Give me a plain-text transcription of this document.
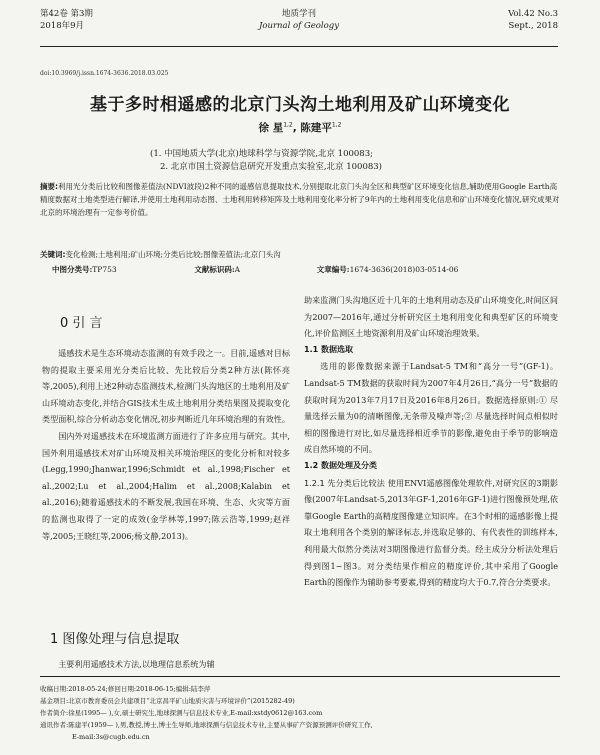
第42卷 第3期
2018年9月
地质学刊
Journal of Geology
Vol.42 No.3
Sept., 2018
doi:10.3969/j.issn.1674-3636.2018.03.025
基于多时相遥感的北京门头沟土地利用及矿山环境变化
徐 星$^{1,2}$, 陈建平$^{1,2}$
(1. 中国地质大学(北京)地球科学与资源学院,北京 100083;
2. 北京市国土资源信息研究开发重点实验室,北京 100083)
摘要:利用光分类后比较和图像差值法(NDVI波段)2种不同的遥感信息提取技术,分别提取北京门头沟全区和典型矿区环境变化信息,辅助使用Google Earth高精度数据对土地类型进行解译,并使用土地利用动态图、土地利用转移矩阵及土地利用变化率分析了9年内的土地利用变化信息和矿山环境变化情况,研究成果对北京的环境治理有一定参考价值。
关键词:变化检测;土地利用;矿山环境;分类后比较;图像差值法;北京门头沟
中图分类号:TP753	文献标识码:A	文章编号:1674-3636(2018)03-0514-06
0 引 言

遥感技术是生态环境动态监测的有效手段之一。目前,遥感对目标物的提取主要采用光分类后比较、先比较后分类2种方法(陈怀亮等,2005),利用上述2种动态监测技术,检测门头沟地区的土地利用及矿山环境动态变化,并结合GIS技术生成土地利用分类结果图及提取变化类型面积,综合分析动态变化情况,初步判断近几年环境治理的有效性。

国内外对遥感技术在环境监测方面进行了许多应用与研究。其中,国外利用遥感技术对矿山环境及相关环境治理区的变化分析和对较多(Legg,1990;Jhanwar,1996;Schmidt et al.,1998;Fischer et al.,2002;Lu et al.,2004;Halim et al.,2008;Kalabin et al.,2016);随着遥感技术的不断发展,我国在环境、生态、火灾等方面的监测也取得了一定的成效(金学林等,1997;陈云浩等,1999;赵祥等,2005;王晓红等,2006;杨文静,2013)。

1 图像处理与信息提取

主要利用遥感技术方法,以地理信息系统为辅

助来监测门头沟地区近十几年的土地利用动态及矿山环境变化,时间区间为2007—2016年,通过分析研究区土地利用变化和典型矿区的环境变化,评价监测区土地资源利用及矿山环境治理效果。

1.1 数据选取

选用的影像数据来源于Landsat-5 TM和“高分一号”(GF-1)。Landsat-5 TM数据的获取时间为2007年4月26日,“高分一号”数据的获取时间为2013年7月17日及2016年8月26日。数据选择原则:① 尽量选择云量为0的清晰图像,无条带及噪声等;② 尽量选择时间点相似时相的图像进行对比,如尽量选择相近季节的影像,避免由于季节的影响造成自然环境的不同。

1.2 数据处理及分类

1.2.1 先分类后比较法 使用ENVI遥感图像处理软件,对研究区的3期影像(2007年Landsat-5,2013年GF-1,2016年GF-1)进行图像预处理,依靠Google Earth的高精度图像建立知识库。在3个时相的遥感影像上提取土地利用各个类别的解译标志,并选取足够的、有代表性的训练样本,利用最大似然分类法对3期图像进行监督分类。经主成分分析法处理后得到图1~图3。对分类结果作相应的精度评价,其中采用了Google Earth的图像作为辅助参考要素,得到的精度均大于0.7,符合分类要求。

收稿日期:2018-05-24;修回日期:2018-06-15;编辑:陆李萍
基金项目:北京市教育委员会共建项目“北京昌平矿山地质灾害与环境评价”(2015282-49)
作者简介:徐星(1995— ),女,硕士研究生,地球探测与信息技术专业,E-mail:xstdy0612@163.com
通讯作者:陈建平(1959— ),男,教授,博士,博士生导师,地球探测与信息技术专业,主要从事矿产资源预测评价研究工作,
E-mail:3s@cugb.edu.cn
